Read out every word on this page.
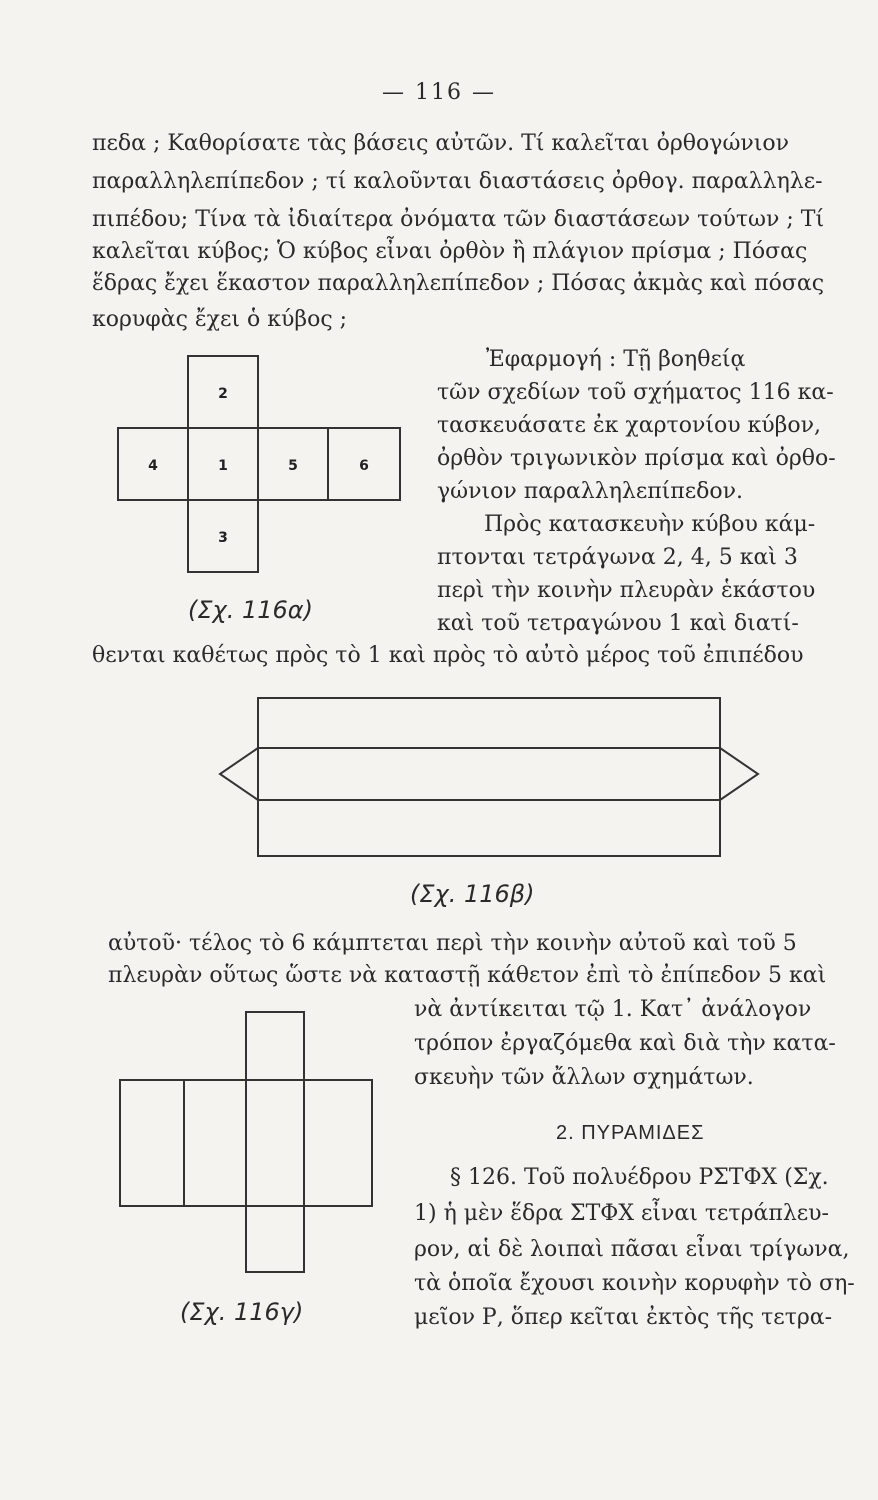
— 116 —
πεδα ; Καθορίσατε τὰς βάσεις αὐτῶν. Τί καλεῖται ὀρθογώνιον
παραλληλεπίπεδον ; τί καλοῦνται διαστάσεις ὀρθογ. παραλληλε-
πιπέδου; Τίνα τὰ ἰδιαίτερα ὀνόματα τῶν διαστάσεων τούτων ; Τί
καλεῖται κύβος; Ὁ κύβος εἶναι ὀρθὸν ἢ πλάγιον πρίσμα ; Πόσας
ἕδρας ἔχει ἕκαστον παραλληλεπίπεδον ; Πόσας ἀκμὰς καὶ πόσας
κορυφὰς ἔχει ὁ κύβος ;
2
4	1	5	6
3
(Σχ. 116α)
Ἐφαρμογή : Τῇ βοηθείᾳ
τῶν σχεδίων τοῦ σχήματος 116 κα-
τασκευάσατε ἐκ χαρτονίου κύβον,
ὀρθὸν τριγωνικὸν πρίσμα καὶ ὀρθο-
γώνιον παραλληλεπίπεδον.
Πρὸς κατασκευὴν κύβου κάμ-
πτονται τετράγωνα 2, 4, 5 καὶ 3
περὶ τὴν κοινὴν πλευρὰν ἑκάστου
καὶ τοῦ τετραγώνου 1 καὶ διατί-
θενται καθέτως πρὸς τὸ 1 καὶ πρὸς τὸ αὐτὸ μέρος τοῦ ἐπιπέδου
(Σχ. 116β)
αὐτοῦ· τέλος τὸ 6 κάμπτεται περὶ τὴν κοινὴν αὐτοῦ καὶ τοῦ 5
πλευρὰν οὕτως ὥστε νὰ καταστῇ κάθετον ἐπὶ τὸ ἐπίπεδον 5 καὶ
νὰ ἀντίκειται τῷ 1. Κατ᾽ ἀνάλογον
τρόπον ἐργαζόμεθα καὶ διὰ τὴν κατα-
σκευὴν τῶν ἄλλων σχημάτων.
(Σχ. 116γ)
2. ΠΥΡΑΜΙΔΕΣ
§ 126. Τοῦ πολυέδρου ΡΣΤΦΧ (Σχ.
1) ἡ μὲν ἕδρα ΣΤΦΧ εἶναι τετράπλευ-
ρον, αἱ δὲ λοιπαὶ πᾶσαι εἶναι τρίγωνα,
τὰ ὁποῖα ἔχουσι κοινὴν κορυφὴν τὸ ση-
μεῖον Ρ, ὅπερ κεῖται ἐκτὸς τῆς τετρα-
